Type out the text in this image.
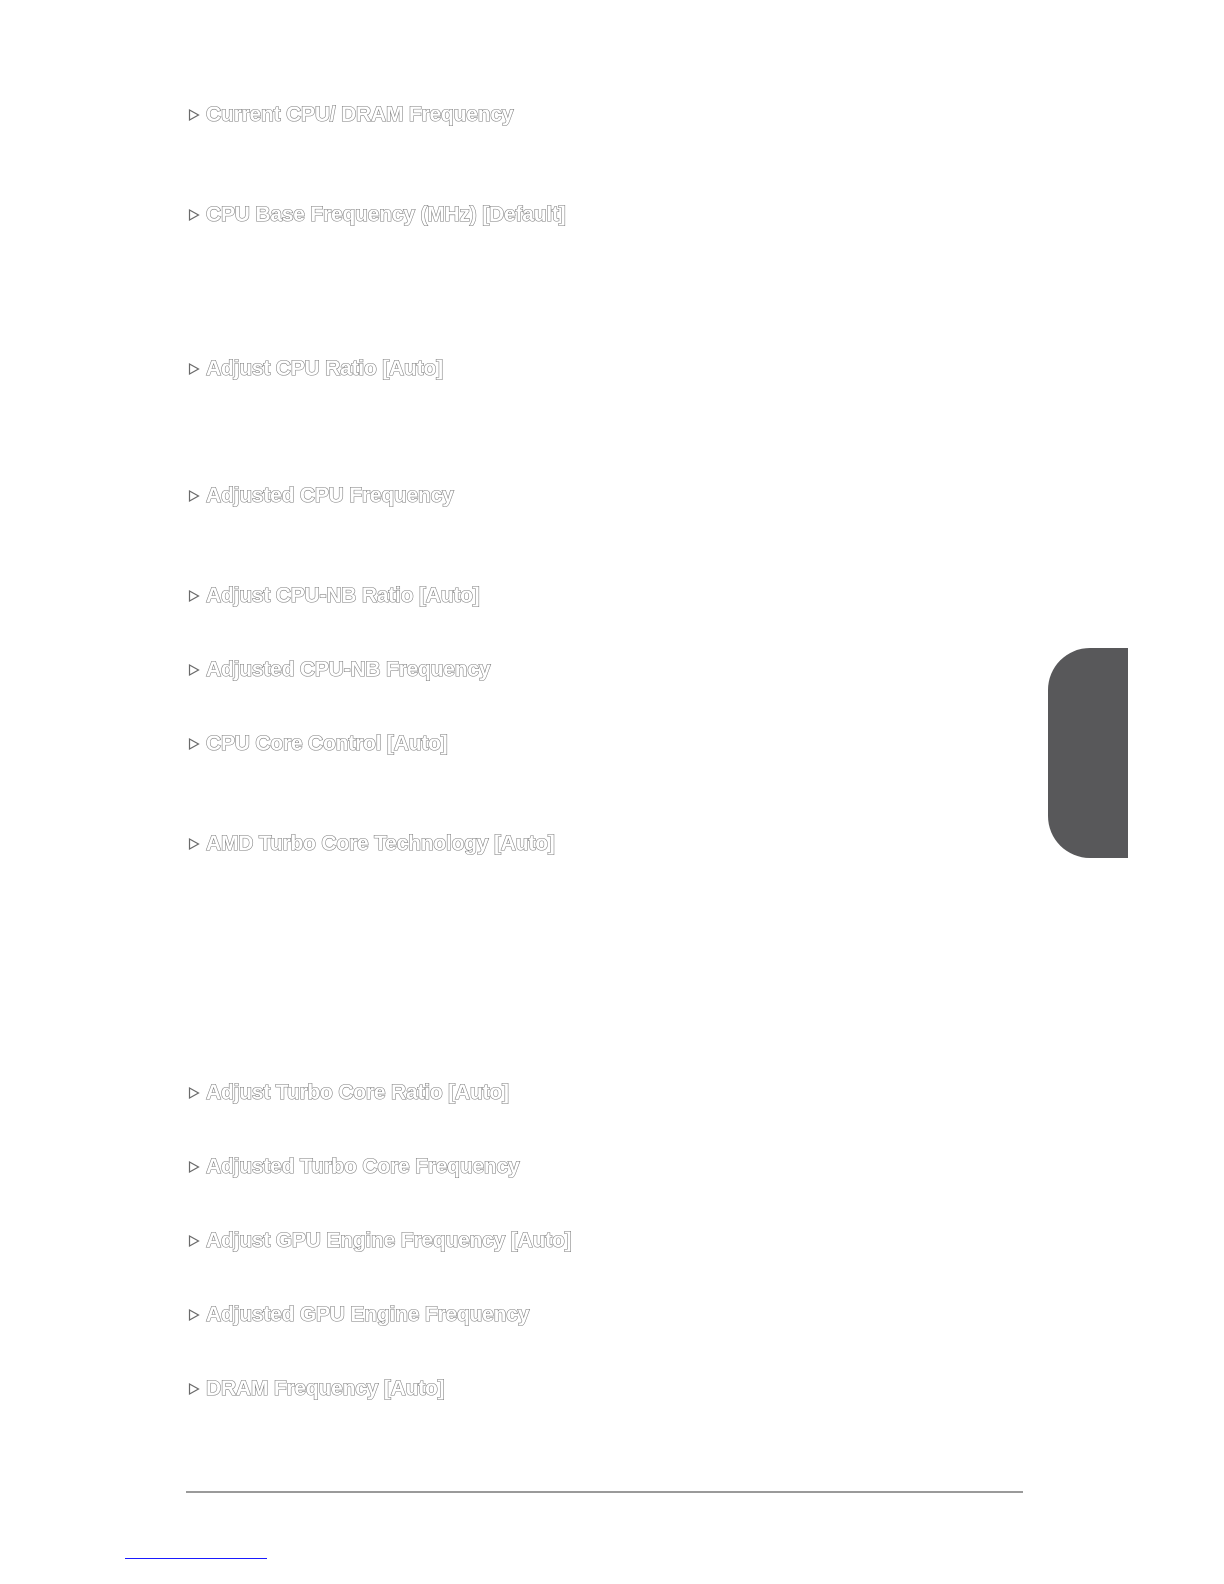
Current CPU/ DRAM Frequency
CPU Base Frequency (MHz) [Default]
Adjust CPU Ratio [Auto]
Adjusted CPU Frequency
Adjust CPU-NB Ratio [Auto]
Adjusted CPU-NB Frequency
CPU Core Control [Auto]
AMD Turbo Core Technology [Auto]
Adjust Turbo Core Ratio [Auto]
Adjusted Turbo Core Frequency
Adjust GPU Engine Frequency [Auto]
Adjusted GPU Engine Frequency
DRAM Frequency [Auto]
